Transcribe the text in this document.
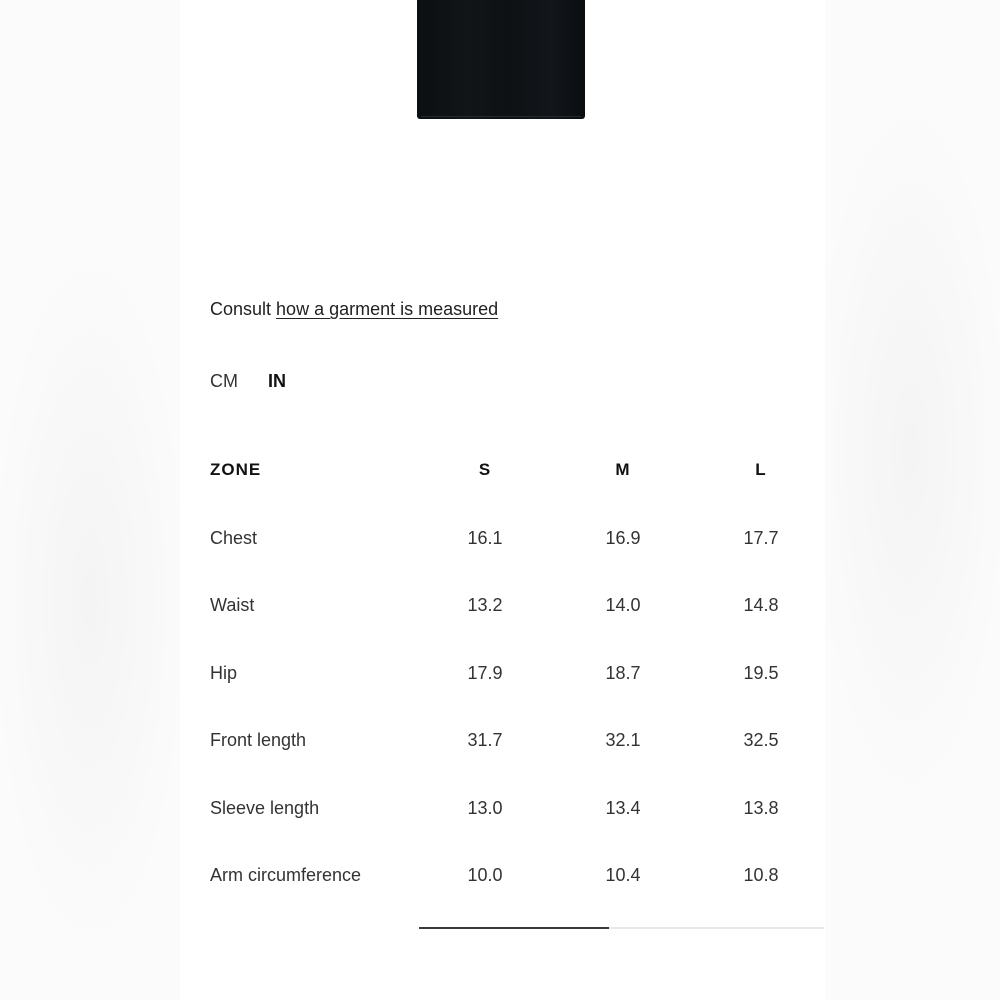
Consult how a garment is measured
CM IN
ZONE	S	M	L
Chest	16.1	16.9	17.7
Waist	13.2	14.0	14.8
Hip	17.9	18.7	19.5
Front length	31.7	32.1	32.5
Sleeve length	13.0	13.4	13.8
Arm circumference	10.0	10.4	10.8
